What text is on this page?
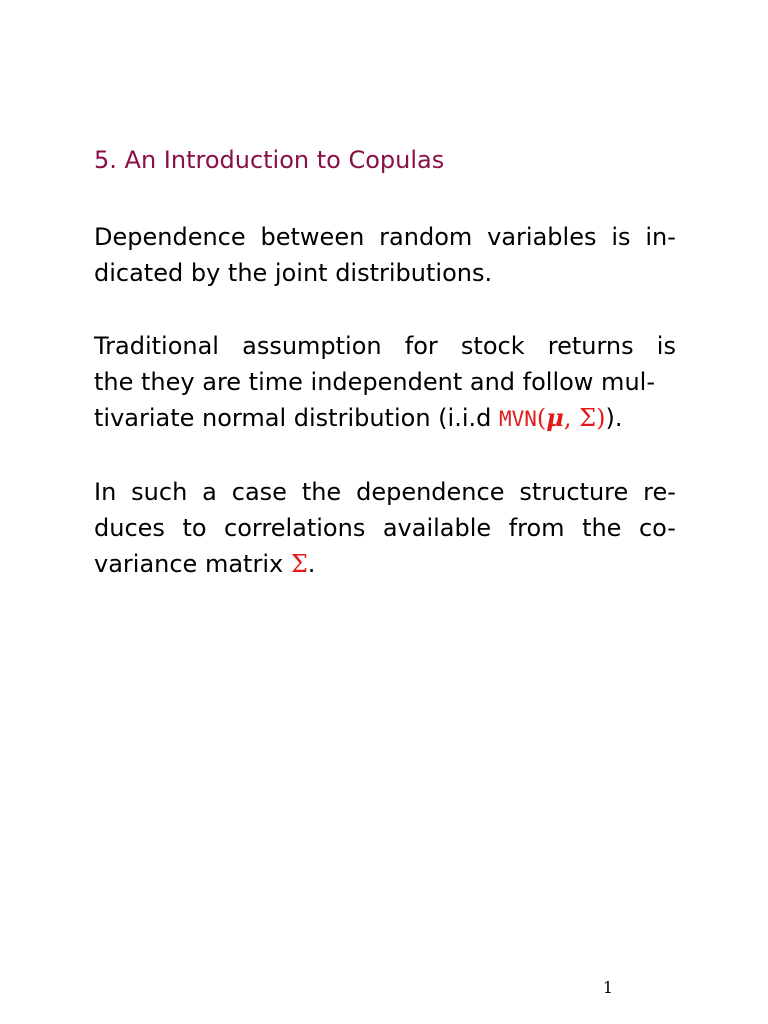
5. An Introduction to Copulas
Dependence between random variables is in-
dicated by the joint distributions.
Traditional assumption for stock returns is
the they are time independent and follow mul-
tivariate normal distribution (i.i.d MVN(μ, Σ)).
In such a case the dependence structure re-
duces to correlations available from the co-
variance matrix Σ.
1
